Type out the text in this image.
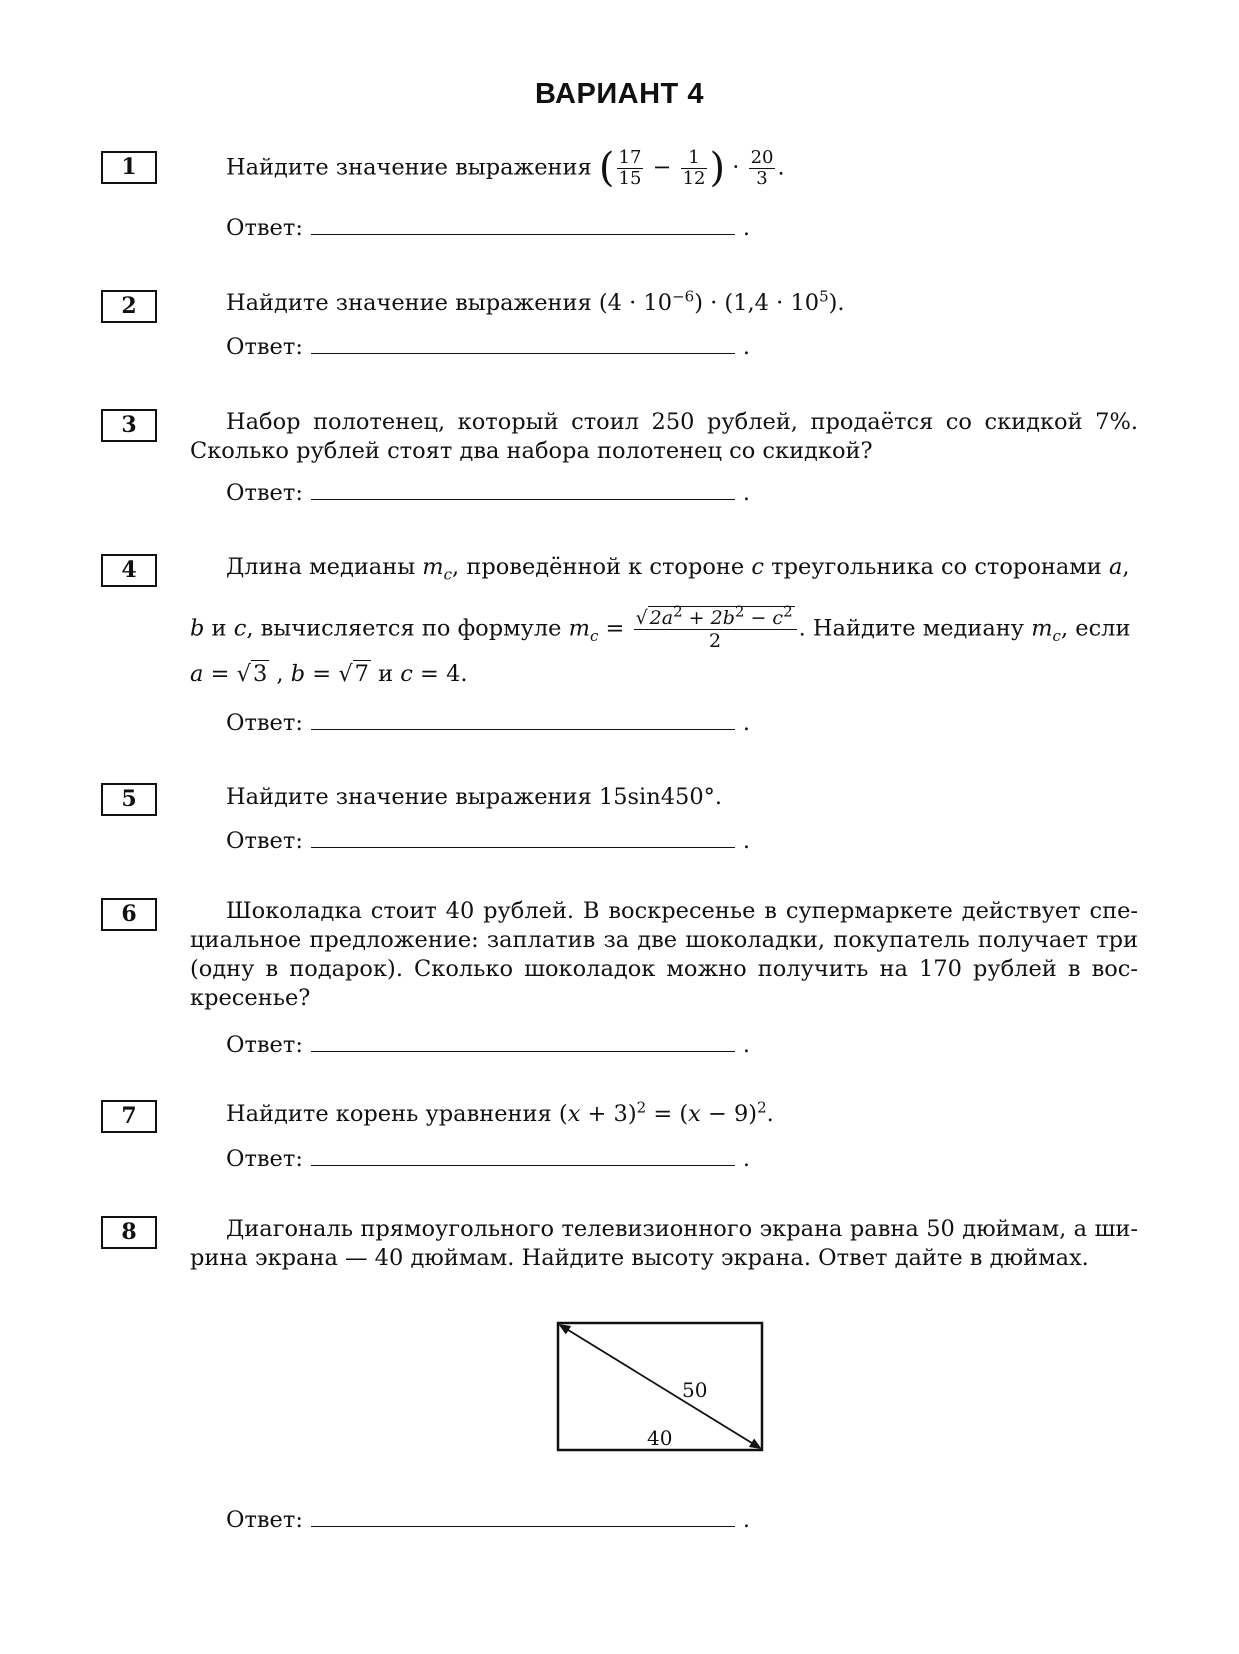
ВАРИАНТ 4
1	Найдите значение выражения ( $\frac{17}{15} - \frac{1}{12}$ ) · $\frac{20}{3}$ .
Ответ:	.
2	Найдите значение выражения $(4 \cdot 10^{-6}) \cdot (1,4 \cdot 10^5)$.
Ответ:	.
3	Набор полотенец, который стоил 250 рублей, продаётся со скидкой 7%.
Сколько рублей стоят два набора полотенец со скидкой?
Ответ:	.
4	Длина медианы $m_c$, проведённой к стороне c треугольника со сторонами a,
b и c, вычисляется по формуле $m_c = \frac{√ 2a^2 + 2b^2 - c^2}{2}$ . Найдите медиану $m_c$, если
a = √3 , b = √7 и c = 4.
Ответ:	.
5	Найдите значение выражения 15sin450°.
Ответ:	.
6	Шоколадка стоит 40 рублей. В воскресенье в супермаркете действует спе-
циальное предложение: заплатив за две шоколадки, покупатель получает три
(одну в подарок). Сколько шоколадок можно получить на 170 рублей в вос-
кресенье?
Ответ:	.
7	Найдите корень уравнения $(x + 3)^2 = (x - 9)^2$.
Ответ:	.
8	Диагональ прямоугольного телевизионного экрана равна 50 дюймам, а ши-
рина экрана — 40 дюймам. Найдите высоту экрана. Ответ дайте в дюймах.
50
40
Ответ:	.
